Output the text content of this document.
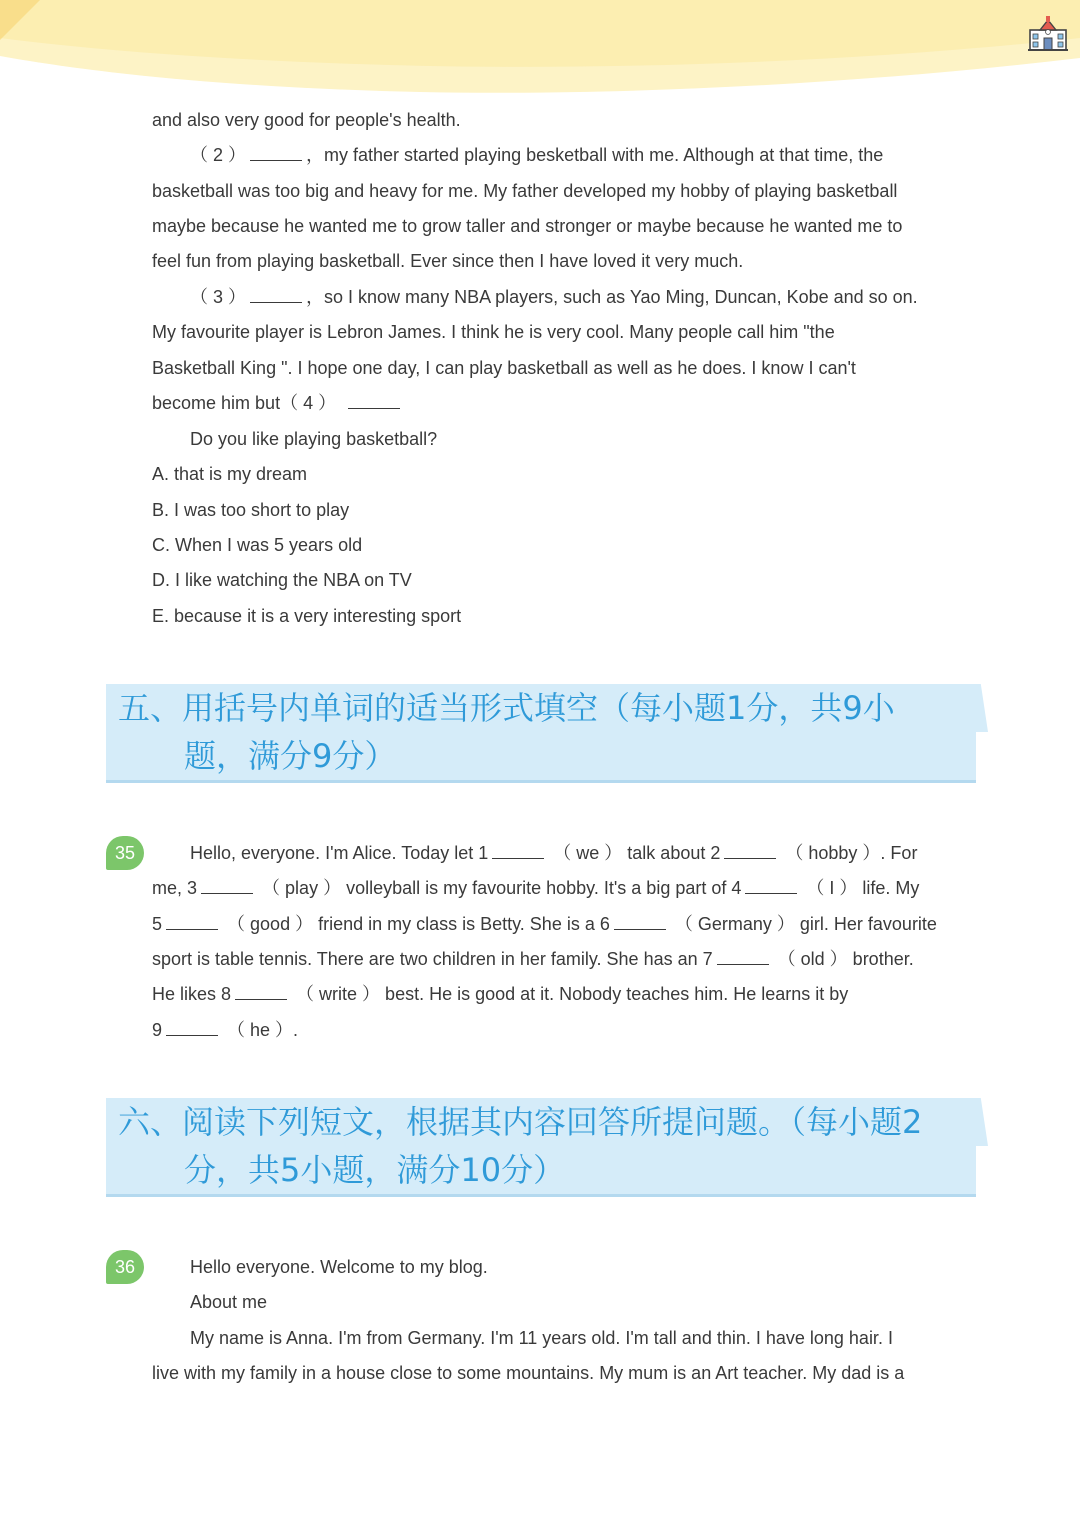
and also very good for people's health.
（ 2 ）	，my father started playing besketball with me. Although at that time, the
basketball was too big and heavy for me. My father developed my hobby of playing basketball
maybe because he wanted me to grow taller and stronger or maybe because he wanted me to
feel fun from playing basketball. Ever since then I have loved it very much.
（ 3 ）	，so I know many NBA players, such as Yao Ming, Duncan, Kobe and so on.
My favourite player is Lebron James. I think he is very cool. Many people call him "the
Basketball King ". I hope one day, I can play basketball as well as he does. I know I can't
become him but（ 4 ）
Do you like playing basketball?
A. that is my dream
B. I was too short to play
C. When I was 5 years old
D. I like watching the NBA on TV
E. because it is a very interesting sport
五、用括号内单词的适当形式填空（每小题1分，共9小
题，满分9分）
35	Hello, everyone. I'm Alice. Today let 1	（ we ） talk about 2	（ hobby ）. For
me, 3	（ play ） volleyball is my favourite hobby. It's a big part of 4	（ I ） life. My
5	（ good ） friend in my class is Betty. She is a 6	（ Germany ） girl. Her favourite
sport is table tennis. There are two children in her family. She has an 7	（ old ） brother.
He likes 8	（ write ） best. He is good at it. Nobody teaches him. He learns it by
9	（ he ）.
六、阅读下列短文，根据其内容回答所提问题。（每小题2
分，共5小题，满分10分）
36	Hello everyone. Welcome to my blog.
About me
My name is Anna. I'm from Germany. I'm 11 years old. I'm tall and thin. I have long hair. I
live with my family in a house close to some mountains. My mum is an Art teacher. My dad is a
